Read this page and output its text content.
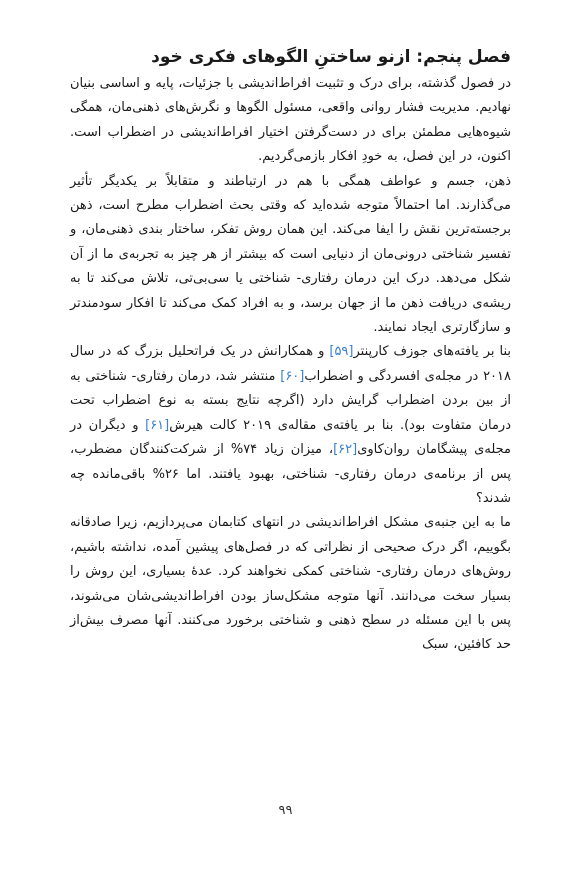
فصل پنجم: ازنو ساختنِ الگوهای فکری خود

در فصول گذشته، برای درک و تثبیت افراط‌اندیشی با جزئیات، پایه و اساسی بنیان نهادیم. مدیریت فشار روانی واقعی، مسئول الگوها و نگرش‌های ذهنی‌مان، همگی شیوه‌هایی مطمئن برای در دست‌گرفتن اختیار افراط‌اندیشی در اضطراب است. اکنون، در این فصل، به خودِ افکار بازمی‌گردیم.

ذهن، جسم و عواطف همگی با هم در ارتباطند و متقابلاً بر یکدیگر تأثیر می‌گذارند. اما احتمالاً متوجه شده‌اید که وقتی بحث اضطراب مطرح است، ذهن برجسته‌ترین نقش را ایفا می‌کند. این همان روش تفکر، ساختار بندی ذهنی‌مان، و تفسیر شناختی درونی‌مان از دنیایی است که بیشتر از هر چیز به تجربه‌ی ما از آن شکل می‌دهد. درک این درمان رفتاری- شناختی یا سی‌بی‌تی، تلاش می‌کند تا به ریشه‌ی دریافت ذهن ما از جهان برسد، و به افراد کمک می‌کند تا افکار سودمندتر و سازگارتری ایجاد نمایند.

بنا بر یافته‌های جوزف کارپنتر[۵۹] و همکارانش در یک فراتحلیل بزرگ که در سال ۲۰۱۸ در مجله‌ی افسردگی و اضطراب[۶۰] منتشر شد، درمان رفتاری- شناختی به از بین بردن اضطراب گرایش دارد (اگرچه نتایج بسته به نوع اضطراب تحت درمان متفاوت بود). بنا بر یافته‌ی مقاله‌ی ۲۰۱۹ کالت هیرش[۶۱] و دیگران در مجله‌ی پیشگامان روان‌کاوی[۶۲]، میزان زیاد ۷۴% از شرکت‌کنندگان مضطرب، پس از برنامه‌ی درمان رفتاری- شناختی، بهبود یافتند. اما ۲۶% باقی‌مانده چه شدند؟

ما به این جنبه‌ی مشکل افراط‌اندیشی در انتهای کتابمان می‌پردازیم، زیرا صادقانه بگوییم، اگر درک صحیحی از نظراتی که در فصل‌های پیشین آمده، نداشته باشیم، روش‌های درمان رفتاری- شناختی کمکی نخواهند کرد. عدهٔ بسیاری، این روش را بسیار سخت می‌دانند. آنها متوجه مشکل‌ساز بودن افراط‌اندیشی‌شان می‌شوند، پس با این مسئله در سطح ذهنی و شناختی برخورد می‌کنند. آنها مصرف بیش‌از حد کافئین، سبک

۹۹
